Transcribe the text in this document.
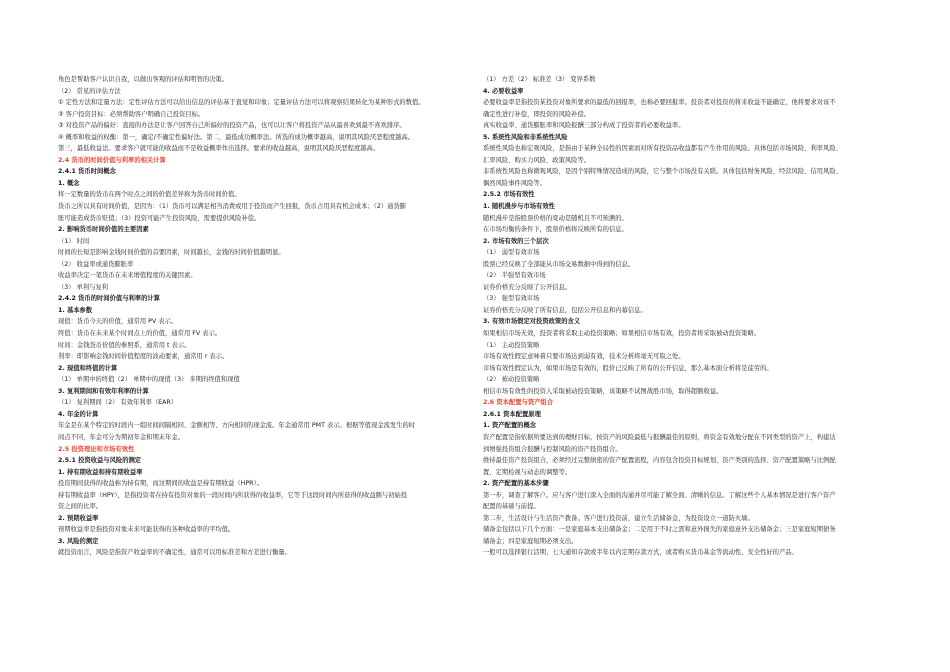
角色是帮助客户认识自我，以做出客观的评估和明智的决策。
（2） 常见的评估方法
① 定性方法和定量方法：定性评估方法可以给出信息的评估基于直觉和印象；定量评估方法可以将观察结果转化为某种形式的数值。
② 客户投资目标：必须帮助客户明确自己投资目标。
③ 对投资产品的偏好：直接的办法是让客户回答自己所偏好的投资产品，也可以让客户将投资产品从最喜欢到最不喜欢排序。
④ 概率和收益的权衡：第一，确定/不确定性偏好法。第二，最低成功概率法。所选的成功概率越高，说明其风险厌恶程度越高。
第三，最低收益法。要求客户就可能的收益而不是收益概率作出选择。要求的收益越高，说明其风险厌恶程度越高。
2.4 货币的时间价值与利率的相关计算
2.4.1 货币时间概念
1. 概念
将一定数量的货币在两个时点之间的价值差异称为货币时间价值。
货币之所以具有时间价值，是因为：（1）货币可以满足相当消费或用于投资而产生回报，货币占用具有机会成本；（2）通货膨
胀可能造成货币贬值；（3）投资可能产生投资风险，需要提供风险补偿。
2. 影响货币时间价值的主要因素
（1） 时间
时间的长短是影响金钱时间价值的首要因素，时间越长，金钱的时间价值越明显。
（2） 收益率或通货膨胀率
收益率决定一笔货币在未来增值程度的关键因素。
（3） 单利与复利
2.4.2 货币的时间价值与利率的计算
1. 基本参数
现值：货币今天的价值，通常用 PV 表示。
终值：货币在未来某个时间点上的价值，通常用 FV 表示。
时间：金钱货币价值的参照系，通常用 t 表示。
利率：即影响金钱时间价值程度的波动要素，通常用 r 表示。
2. 现值和终值的计算
（1） 单期中的终值（2） 单期中的现值（3） 多期的终值和现值
3. 复利期间和有效年利率的计算
（1） 复利期间（2） 有效年利率（EAR）
4. 年金的计算
年金是在某个特定的时段内一组时间间隔相同、金额相等、方向相同的现金流。年金通常用 PMT 表示。根据等值现金流发生的时
间点不同，年金可分为期初年金和期末年金。
2.5 投资理论和市场有效性
2.5.1 投资收益与风险的测定
1. 持有期收益和持有期收益率
投资期间获得的收益称为持有期，而这期间的收益是持有期收益（HPR）。
持有期收益率（HPY），是指投资者在持有投资对象的一段时间内所获得的收益率，它等于这段时间内所获得的收益额与初始投
资之间的比率。
2. 预期收益率
预期收益率是指投资对象未来可能获得的各种收益率的平均值。
3. 风险的测定
就投资而言，风险是指资产收益率的不确定性，通常可以用标准差和方差进行衡量。
（1） 方差（2） 标准差（3） 变异系数
4. 必要收益率
必要收益率是指投资某投资对象所要求的最低的回报率，也称必要回报率。投资者对投资的将来收益不能确定，他将要求对该不
确定性进行补偿，即投资的风险补偿。
真实收益率、通货膨胀率和风险报酬三部分构成了投资者的必要收益率。
5. 系统性风险和非系统性风险
系统性风险也称宏观风险，是指由于某种全局性的因素而对所有投资品收益都有产生作用的风险。具体包括市场风险、利率风险、
汇率风险、购买力风险、政策风险等。
非系统性风险也称微观风险，是因个别特殊情况造成的风险，它与整个市场没有关联。具体包括财务风险、经营风险、信用风险、
偶然风险事件风险等。
2.5.2 市场有效性
1. 随机漫步与市场有效性
随机漫步是指股票价格的变动是随机且不可预测的。
在市场均衡的条件下，股票价格将反映所有的信息。
2. 市场有效的三个层次
（1） 弱型有效市场
股票已经反映了全部能从市场交易数据中得到的信息。
（2） 半强型有效市场
证券价格充分反映了公开信息。
（3） 强型有效市场
证券价格充分反映了所有信息，包括公开信息和内幕信息。
3. 有效市场假定对投资政策的含义
如果相信市场无效，投资者将采取主动投资策略；如果相信市场有效，投资者将采取被动投资策略。
（1） 主动投资策略
市场有效性假定意味着只要市场达到弱有效，技术分析将毫无可取之处。
市场有效性假定认为，如果市场是有效的，股价已反映了所有的公开信息，那么基本面分析将是徒劳的。
（2） 被动投资策略
相信市场有效性的投资人采取被动投资策略，该策略不试图战胜市场，取得超额收益。
2.6 资本配置与资产组合
2.6.1 资本配置原理
1. 资产配置的概念
资产配置是指依据所要达到的理财目标，按资产的风险最低与报酬最佳的原则，将资金有效地分配在不同类型的资产上，构建达
到增强投资组合报酬与控制风险的资产投资组合。
维持最佳资产投资组合，必须经过完整缜密的资产配置流程，内容包含投资目标规划、资产类别的选择、资产配置策略与比例配
置、定期检视与动态的调整等。
2. 资产配置的基本步骤
第一步，调查了解客户。应与客户进行深入全面的沟通并尽可能了解全面、清晰的信息。了解这些个人基本情况是进行客户资产
配置的基础与前提。
第二步，生活设计与生活资产拨备。客户进行投资前，建立生活储备金，为投资设立一道防火墙。
储备金包括以下几个方面：一是家庭基本支出储备金；二是用于不时之需和意外损失的家庭意外支出储备金；三是家庭短期债务
储备金；四是家庭短期必须支出。
一般可以选择银行活期、七天通知存款或半年以内定期存款方式，或者购买货币基金等流动性、安全性好的产品。
